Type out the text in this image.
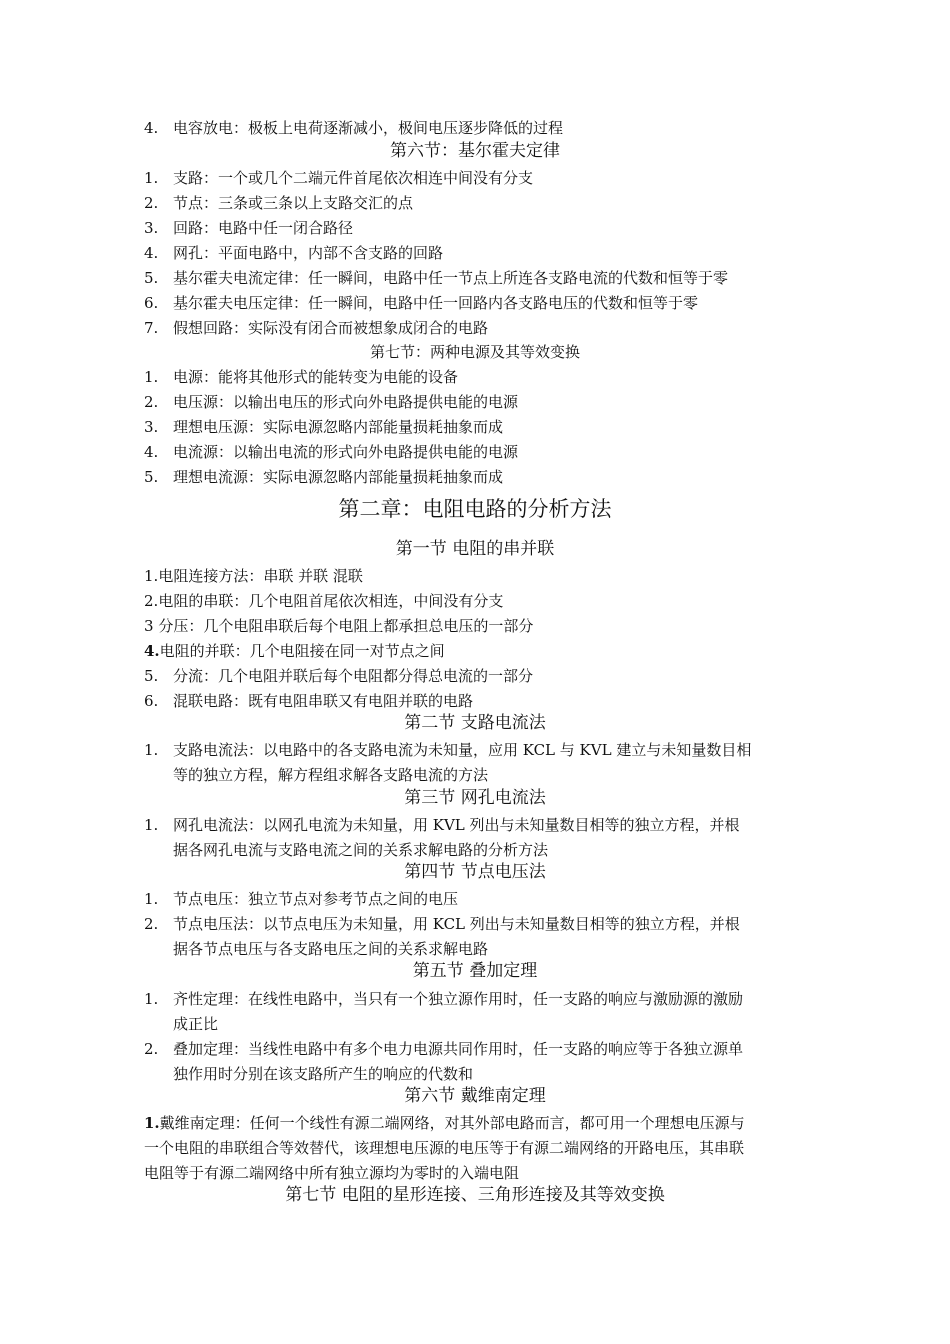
4. 电容放电：极板上电荷逐渐减小，极间电压逐步降低的过程
第六节：基尔霍夫定律
1. 支路：一个或几个二端元件首尾依次相连中间没有分支
2. 节点：三条或三条以上支路交汇的点
3. 回路：电路中任一闭合路径
4. 网孔：平面电路中，内部不含支路的回路
5. 基尔霍夫电流定律：任一瞬间，电路中任一节点上所连各支路电流的代数和恒等于零
6. 基尔霍夫电压定律：任一瞬间，电路中任一回路内各支路电压的代数和恒等于零
7. 假想回路：实际没有闭合而被想象成闭合的电路
第七节：两种电源及其等效变换
1. 电源：能将其他形式的能转变为电能的设备
2. 电压源：以输出电压的形式向外电路提供电能的电源
3. 理想电压源：实际电源忽略内部能量损耗抽象而成
4. 电流源：以输出电流的形式向外电路提供电能的电源
5. 理想电流源：实际电源忽略内部能量损耗抽象而成
第二章：电阻电路的分析方法
第一节 电阻的串并联
1.电阻连接方法：串联 并联 混联
2.电阻的串联：几个电阻首尾依次相连，中间没有分支
3 分压：几个电阻串联后每个电阻上都承担总电压的一部分
4.电阻的并联：几个电阻接在同一对节点之间
5. 分流：几个电阻并联后每个电阻都分得总电流的一部分
6. 混联电路：既有电阻串联又有电阻并联的电路
第二节 支路电流法
1. 支路电流法：以电路中的各支路电流为未知量，应用 KCL 与 KVL 建立与未知量数目相
等的独立方程，解方程组求解各支路电流的方法
第三节 网孔电流法
1. 网孔电流法：以网孔电流为未知量，用 KVL 列出与未知量数目相等的独立方程，并根
据各网孔电流与支路电流之间的关系求解电路的分析方法
第四节 节点电压法
1. 节点电压：独立节点对参考节点之间的电压
2. 节点电压法：以节点电压为未知量，用 KCL 列出与未知量数目相等的独立方程，并根
据各节点电压与各支路电压之间的关系求解电路
第五节 叠加定理
1. 齐性定理：在线性电路中，当只有一个独立源作用时，任一支路的响应与激励源的激励
成正比
2. 叠加定理：当线性电路中有多个电力电源共同作用时，任一支路的响应等于各独立源单
独作用时分别在该支路所产生的响应的代数和
第六节 戴维南定理
1.戴维南定理：任何一个线性有源二端网络，对其外部电路而言，都可用一个理想电压源与
一个电阻的串联组合等效替代，该理想电压源的电压等于有源二端网络的开路电压，其串联
电阻等于有源二端网络中所有独立源均为零时的入端电阻
第七节 电阻的星形连接、三角形连接及其等效变换
